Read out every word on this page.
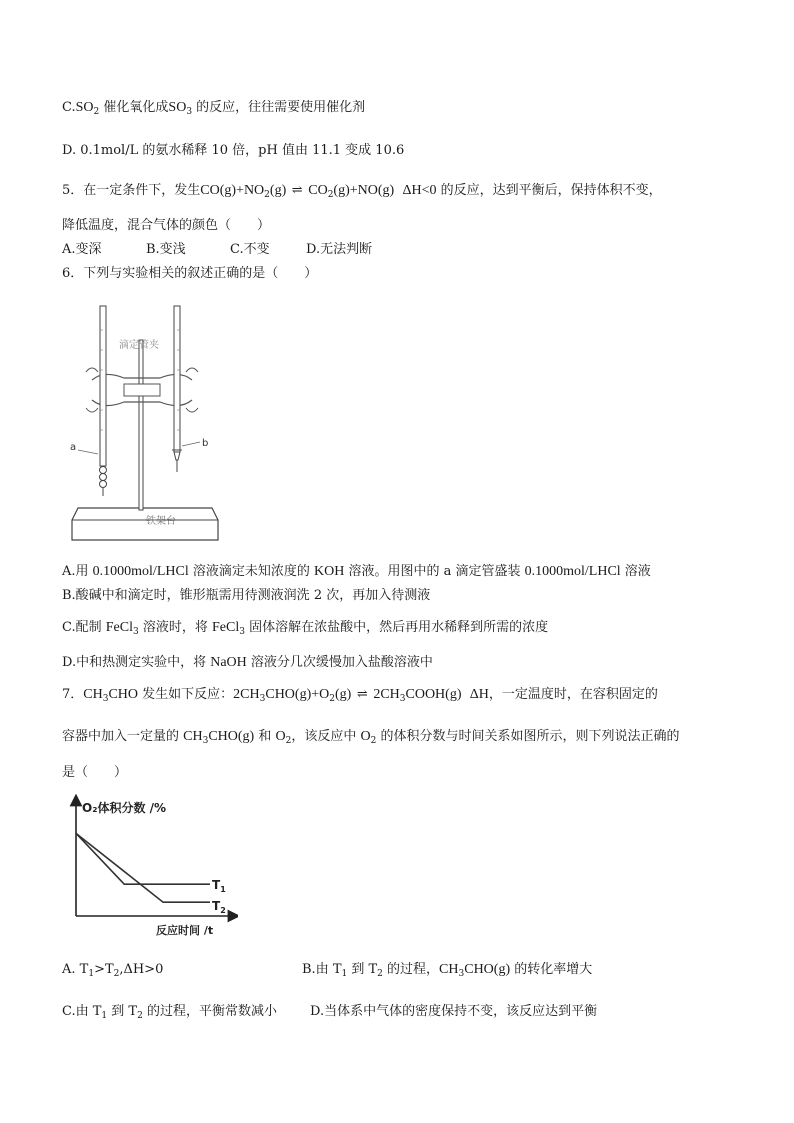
$C.SO_2$ 催化氧化成$SO_3$ 的反应，往往需要使用催化剂
D. 0.1mol/L 的氨水稀释 10 倍，pH 值由 11.1 变成 10.6
5．在一定条件下，发生$CO(g)+NO_2(g)$ ⇌ $CO_2(g)+NO(g)$ ΔH<0 的反应，达到平衡后，保持体积不变，
降低温度，混合气体的颜色（　　）
A.变深	B.变浅	C.不变	D.无法判断
6．下列与实验相关的叙述正确的是（　　）
铁架台
滴定管夹
a	b
A.用 0.1000mol/LHCl 溶液滴定未知浓度的 KOH 溶液。用图中的 a 滴定管盛装 0.1000mol/LHCl 溶液
B.酸碱中和滴定时，锥形瓶需用待测液润洗 2 次，再加入待测液
C.配制 FeCl$_3$ 溶液时，将 FeCl$_3$ 固体溶解在浓盐酸中，然后再用水稀释到所需的浓度
D.中和热测定实验中，将 NaOH 溶液分几次缓慢加入盐酸溶液中
7．$CH_3CHO$ 发生如下反应：$2CH_3CHO(g)+O_2(g)$ ⇌ $2CH_3COOH(g)$ ΔH，一定温度时，在容积固定的
容器中加入一定量的 $CH_3CHO(g)$ 和 $O_2$，该反应中 $O_2$ 的体积分数与时间关系如图所示，则下列说法正确的
是（　　）
O₂体积分数 /%
反应时间 /t
$T_1$
$T_2$
A. $T_1>T_2,\Delta H>0$	B.由 $T_1$ 到 $T_2$ 的过程，$CH_3CHO(g)$ 的转化率增大
C.由 $T_1$ 到 $T_2$ 的过程，平衡常数减小	D.当体系中气体的密度保持不变，该反应达到平衡
